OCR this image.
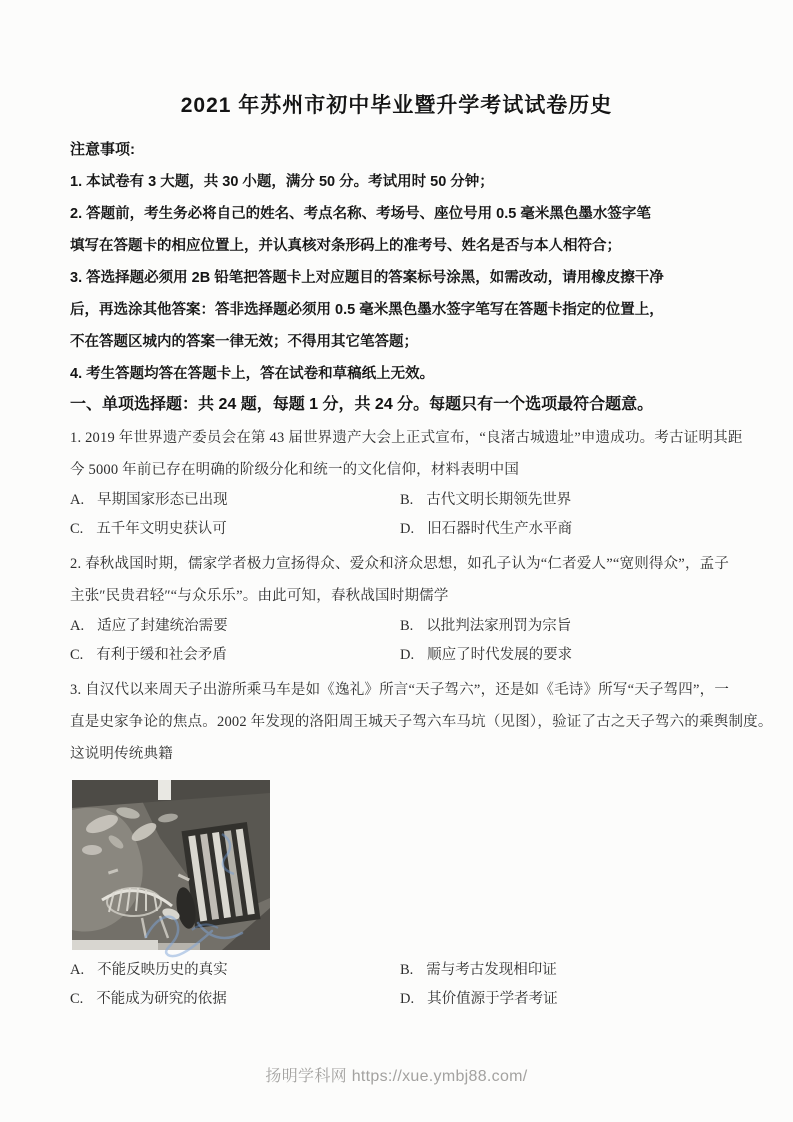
2021 年苏州市初中毕业暨升学考试试卷历史
注意事项:
1. 本试卷有 3 大题，共 30 小题，满分 50 分。考试用时 50 分钟；
2. 答题前，考生务必将自己的姓名、考点名称、考场号、座位号用 0.5 毫米黑色墨水签字笔
填写在答题卡的相应位置上，并认真核对条形码上的准考号、姓名是否与本人相符合；
3. 答选择题必须用 2B 铅笔把答题卡上对应题目的答案标号涂黑，如需改动，请用橡皮擦干净
后，再选涂其他答案：答非选择题必须用 0.5 毫米黑色墨水签字笔写在答题卡指定的位置上，
不在答题区城内的答案一律无效；不得用其它笔答题；
4. 考生答题均答在答题卡上，答在试卷和草稿纸上无效。
一、单项选择题：共 24 题，每题 1 分，共 24 分。每题只有一个选项最符合题意。
1. 2019 年世界遗产委员会在第 43 届世界遗产大会上正式宣布，“良渚古城遗址”申遗成功。考古证明其距
今 5000 年前已存在明确的阶级分化和统一的文化信仰，材料表明中国
A. 早期国家形态已出现	B. 古代文明长期领先世界
C. 五千年文明史获认可	D. 旧石器时代生产水平商
2. 春秋战国时期，儒家学者极力宣扬得众、爱众和济众思想，如孔子认为“仁者爱人”“宽则得众”，孟子
主张″民贵君轻″“与众乐乐”。由此可知，春秋战国时期儒学
A. 适应了封建统治需要	B. 以批判法家刑罚为宗旨
C. 有利于缓和社会矛盾	D. 顺应了时代发展的要求
3. 自汉代以来周天子出游所乘马车是如《逸礼》所言“天子驾六”，还是如《毛诗》所写“天子驾四”，一
直是史家争论的焦点。2002 年发现的洛阳周王城天子驾六车马坑（见图），验证了古之天子驾六的乘舆制度。
这说明传统典籍
A. 不能反映历史的真实	B. 需与考古发现相印证
C. 不能成为研究的依据	D. 其价值源于学者考证
扬明学科网 https://xue.ymbj88.com/
